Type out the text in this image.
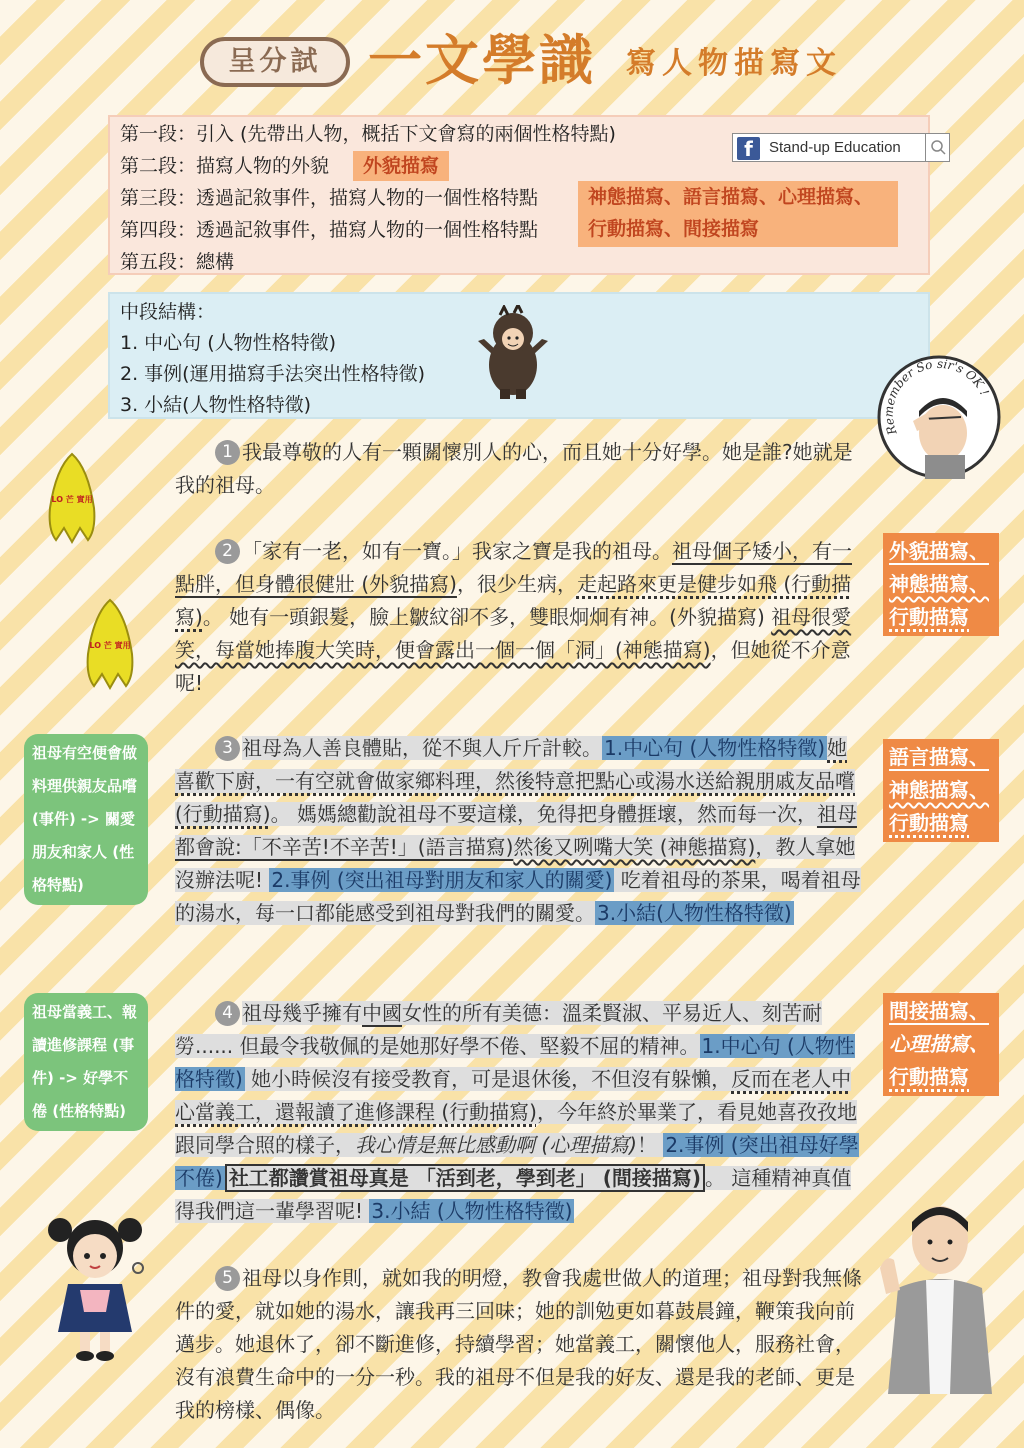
呈分試 一文學識 寫人物描寫文
第一段：引入 (先帶出人物，概括下文會寫的兩個性格特點)
第二段：描寫人物的外貌	外貌描寫
第三段：透過記敘事件，描寫人物的一個性格特點
第四段：透過記敘事件，描寫人物的一個性格特點
神態描寫、語言描寫、心理描寫、
行動描寫、間接描寫
第五段：總構
f	Stand-up Education
中段結構：
1. 中心句 (人物性格特徵)
2. 事例(運用描寫手法突出性格特徵)
3. 小結(人物性格特徵)
Remember So sir's OK !
LO 芒 實用
LO 芒 實用
1 我最尊敬的人有一顆關懷別人的心，而且她十分好學。她是誰?她就是我的祖母。
2 「家有一老，如有一寶。」我家之寶是我的祖母。祖母個子矮小，有一點胖，但身體很健壯 (外貌描寫)，很少生病，走起路來更是健步如飛 (行動描寫)。 她有一頭銀髮，臉上皺紋卻不多，雙眼炯炯有神。(外貌描寫) 祖母很愛笑，每當她捧腹大笑時，便會露出一個一個「洞」(神態描寫)，但她從不介意呢!
3 祖母為人善良體貼，從不與人斤斤計較。 1.中心句 (人物性格特徵) 她喜歡下廚，一有空就會做家鄉料理，然後特意把點心或湯水送給親朋戚友品嚐 (行動描寫)。 媽媽總勸說祖母不要這樣，免得把身體捱壞，然而每一次，祖母都會說:「不辛苦!不辛苦!」(語言描寫)然後又咧嘴大笑 (神態描寫)，教人拿她沒辦法呢! 2.事例 (突出祖母對朋友和家人的關愛) 吃着祖母的茶果，喝着祖母的湯水，每一口都能感受到祖母對我們的關愛。 3.小結(人物性格特徵)
4 祖母幾乎擁有中國女性的所有美德：溫柔賢淑、平易近人、刻苦耐勞...... 但最令我敬佩的是她那好學不倦、堅毅不屈的精神。 1.中心句 (人物性格特徵) 她小時候沒有接受教育，可是退休後，不但沒有躲懶，反而在老人中心當義工，還報讀了進修課程 (行動描寫)，今年終於畢業了，看見她喜孜孜地跟同學合照的樣子，我心情是無比感動啊 (心理描寫)！ 2.事例 (突出祖母好學不倦) 社工都讚賞祖母真是 「活到老，學到老」 (間接描寫) 。 這種精神真值得我們這一輩學習呢! 3.小結 (人物性格特徵)
5 祖母以身作則，就如我的明燈，教會我處世做人的道理；祖母對我無條件的愛，就如她的湯水，讓我再三回味；她的訓勉更如暮鼓晨鐘，鞭策我向前邁步。她退休了，卻不斷進修，持續學習；她當義工，關懷他人，服務社會，沒有浪費生命中的一分一秒。我的祖母不但是我的好友、還是我的老師、更是我的榜樣、偶像。
祖母有空便會做
料理供親友品嚐
(事件) -> 關愛
朋友和家人 (性
格特點)
祖母當義工、報
讀進修課程 (事
件) -> 好學不
倦 (性格特點)
外貌描寫、
神態描寫、
行動描寫
語言描寫、
神態描寫、
行動描寫
間接描寫、
心理描寫、
行動描寫
